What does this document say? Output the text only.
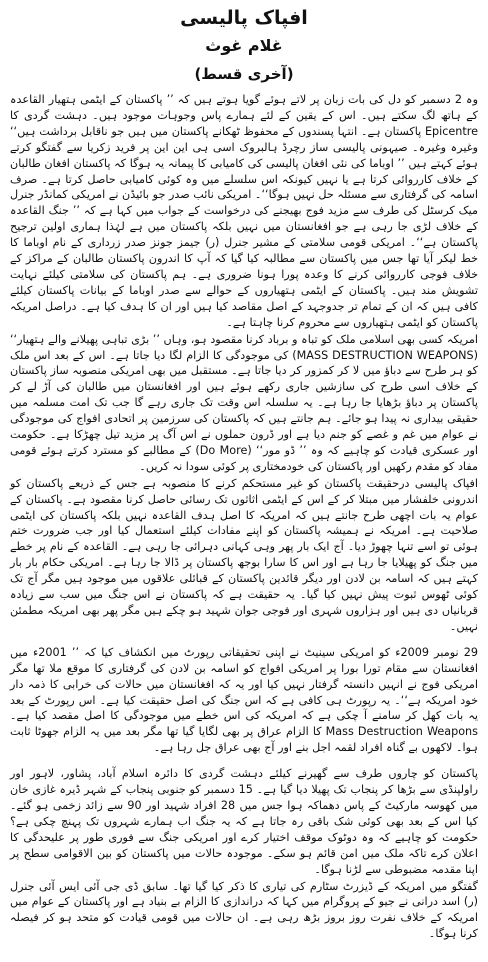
افپاک پالیسی
غلام غوث
(آخری قسط)

وہ 2 دسمبر کو دل کی بات زبان پر لاتے ہوئے گویا ہوتے ہیں کہ ’’ پاکستان کے ایٹمی ہتھیار القاعدہ کے ہاتھ لگ سکتے ہیں۔ اس کے یقین کے لئے ہمارے پاس وجوہات موجود ہیں۔ دہشت گردی کا Epicentre پاکستان ہے۔ انتہا پسندوں کے محفوظ ٹھکانے پاکستان میں ہیں جو ناقابل برداشت ہیں‘‘ وغیرہ وغیرہ۔ صیہونی پالیسی ساز رچرڈ ہالبروک اسی ہی این این پر فرید زکریا سے گفتگو کرتے ہوئے کہتے ہیں ’’ اوباما کی نئی افغان پالیسی کی کامیابی کا پیمانہ یہ ہوگا کہ پاکستان افغان طالبان کے خلاف کارروائی کرتا ہے یا نہیں کیونکہ اس سلسلے میں وہ کوئی کامیابی حاصل کرتا ہے۔ صرف اسامہ کی گرفتاری سے مسئلہ حل نہیں ہوگا‘‘۔ امریکی نائب صدر جو بائیڈن نے امریکی کمانڈر جنرل میک کرسٹل کی طرف سے مزید فوج بھیجنے کی درخواست کے جواب میں کہا ہے کہ ’’ جنگ القاعدہ کے خلاف لڑی جا رہی ہے جو افغانستان میں نہیں بلکہ پاکستان میں ہے لہٰذا ہماری اولین ترجیح پاکستان ہے‘‘۔ امریکی قومی سلامتی کے مشیر جنرل (ر) جیمز جونز صدر زرداری کے نام اوباما کا خط لیکر آیا تھا جس میں پاکستان سے مطالبہ کیا گیا کہ آپ کا اندرون پاکستان طالبان کے مراکز کے خلاف فوجی کارروائی کرنے کا وعدہ پورا ہونا ضروری ہے۔ ہم پاکستان کی سلامتی کیلئے نہایت تشویش مند ہیں۔ پاکستان کے ایٹمی ہتھیاروں کے حوالے سے صدر اوباما کے بیانات پاکستان کیلئے کافی ہیں کہ ان کے تمام تر جدوجہد کے اصل مقاصد کیا ہیں اور ان کا ہدف کیا ہے۔ دراصل امریکہ پاکستان کو ایٹمی ہتھیاروں سے محروم کرنا چاہتا ہے۔

امریکہ کسی بھی اسلامی ملک کو تباہ و برباد کرنا مقصود ہو، وہاں ’’ بڑی تباہی پھیلانے والے ہتھیار‘‘ (MASS DESTRUCTION WEAPONS) کی موجودگی کا الزام لگا دیا جاتا ہے۔ اس کے بعد اس ملک کو ہر طرح سے دباؤ میں لا کر کمزور کر دیا جاتا ہے۔ مستقبل میں بھی امریکی منصوبہ ساز پاکستان کے خلاف اسی طرح کی سازشیں جاری رکھے ہوئے ہیں اور افغانستان میں طالبان کی آڑ لے کر پاکستان پر دباؤ بڑھایا جا رہا ہے۔ یہ سلسلہ اس وقت تک جاری رہے گا جب تک امت مسلمہ میں حقیقی بیداری نہ پیدا ہو جائے۔ ہم جانتے ہیں کہ پاکستان کی سرزمین پر اتحادی افواج کی موجودگی نے عوام میں غم و غصے کو جنم دیا ہے اور ڈرون حملوں نے اس آگ پر مزید تیل چھڑکا ہے۔ حکومت اور عسکری قیادت کو چاہیے کہ وہ ’’ ڈو مور‘‘ (Do More) کے مطالبے کو مسترد کرتے ہوئے قومی مفاد کو مقدم رکھیں اور پاکستان کی خودمختاری پر کوئی سودا نہ کریں۔

افپاک پالیسی درحقیقت پاکستان کو غیر مستحکم کرنے کا منصوبہ ہے جس کے ذریعے پاکستان کو اندرونی خلفشار میں مبتلا کر کے اس کے ایٹمی اثاثوں تک رسائی حاصل کرنا مقصود ہے۔ پاکستان کے عوام یہ بات اچھی طرح جانتے ہیں کہ امریکہ کا اصل ہدف القاعدہ نہیں بلکہ پاکستان کی ایٹمی صلاحیت ہے۔ امریکہ نے ہمیشہ پاکستان کو اپنے مفادات کیلئے استعمال کیا اور جب ضرورت ختم ہوئی تو اسے تنہا چھوڑ دیا۔ آج ایک بار پھر وہی کہانی دہرائی جا رہی ہے۔ القاعدہ کے نام پر خطے میں جنگ کو پھیلایا جا رہا ہے اور اس کا سارا بوجھ پاکستان پر ڈالا جا رہا ہے۔ امریکی حکام بار بار کہتے ہیں کہ اسامہ بن لادن اور دیگر قائدین پاکستان کے قبائلی علاقوں میں موجود ہیں مگر آج تک کوئی ٹھوس ثبوت پیش نہیں کیا گیا۔ یہ حقیقت ہے کہ پاکستان نے اس جنگ میں سب سے زیادہ قربانیاں دی ہیں اور ہزاروں شہری اور فوجی جوان شہید ہو چکے ہیں مگر پھر بھی امریکہ مطمئن نہیں۔

29 نومبر 2009ء کو امریکی سینیٹ نے اپنی تحقیقاتی رپورٹ میں انکشاف کیا کہ ’’ 2001ء میں افغانستان سے مقام تورا بورا پر امریکی افواج کو اسامہ بن لادن کی گرفتاری کا موقع ملا تھا مگر امریکی فوج نے انہیں دانستہ گرفتار نہیں کیا اور یہ کہ افغانستان میں حالات کی خرابی کا ذمہ دار خود امریکہ ہے‘‘۔ یہ رپورٹ ہی کافی ہے کہ اس جنگ کی اصل حقیقت کیا ہے۔ اس رپورٹ کے بعد یہ بات کھل کر سامنے آ چکی ہے کہ امریکہ کی اس خطے میں موجودگی کا اصل مقصد کیا ہے۔ Mass Destruction Weapons کا الزام عراق پر بھی لگایا گیا تھا مگر بعد میں یہ الزام جھوٹا ثابت ہوا۔ لاکھوں بے گناہ افراد لقمہ اجل بنے اور آج بھی عراق جل رہا ہے۔

پاکستان کو چاروں طرف سے گھیرنے کیلئے دہشت گردی کا دائرہ اسلام آباد، پشاور، لاہور اور راولپنڈی سے بڑھا کر پنجاب تک پھیلا دیا گیا ہے۔ 15 دسمبر کو جنوبی پنجاب کے شہر ڈیرہ غازی خان میں کھوسہ مارکیٹ کے پاس دھماکہ ہوا جس میں 28 افراد شہید اور 90 سے زائد زخمی ہو گئے۔ کیا اس کے بعد بھی کوئی شک باقی رہ جاتا ہے کہ یہ جنگ اب ہمارے شہروں تک پہنچ چکی ہے؟ حکومت کو چاہیے کہ وہ دوٹوک موقف اختیار کرے اور امریکی جنگ سے فوری طور پر علیحدگی کا اعلان کرے تاکہ ملک میں امن قائم ہو سکے۔ موجودہ حالات میں پاکستان کو بین الاقوامی سطح پر اپنا مقدمہ مضبوطی سے لڑنا ہوگا۔

گفتگو میں امریکہ کے ڈیزرٹ سٹارم کی تیاری کا ذکر کیا گیا تھا۔ سابق ڈی جی آئی ایس آئی جنرل (ر) اسد درانی نے جیو کے پروگرام میں کہا کہ دراندازی کا الزام بے بنیاد ہے اور پاکستان کے عوام میں امریکہ کے خلاف نفرت روز بروز بڑھ رہی ہے۔ ان حالات میں قومی قیادت کو متحد ہو کر فیصلہ کرنا ہوگا۔
